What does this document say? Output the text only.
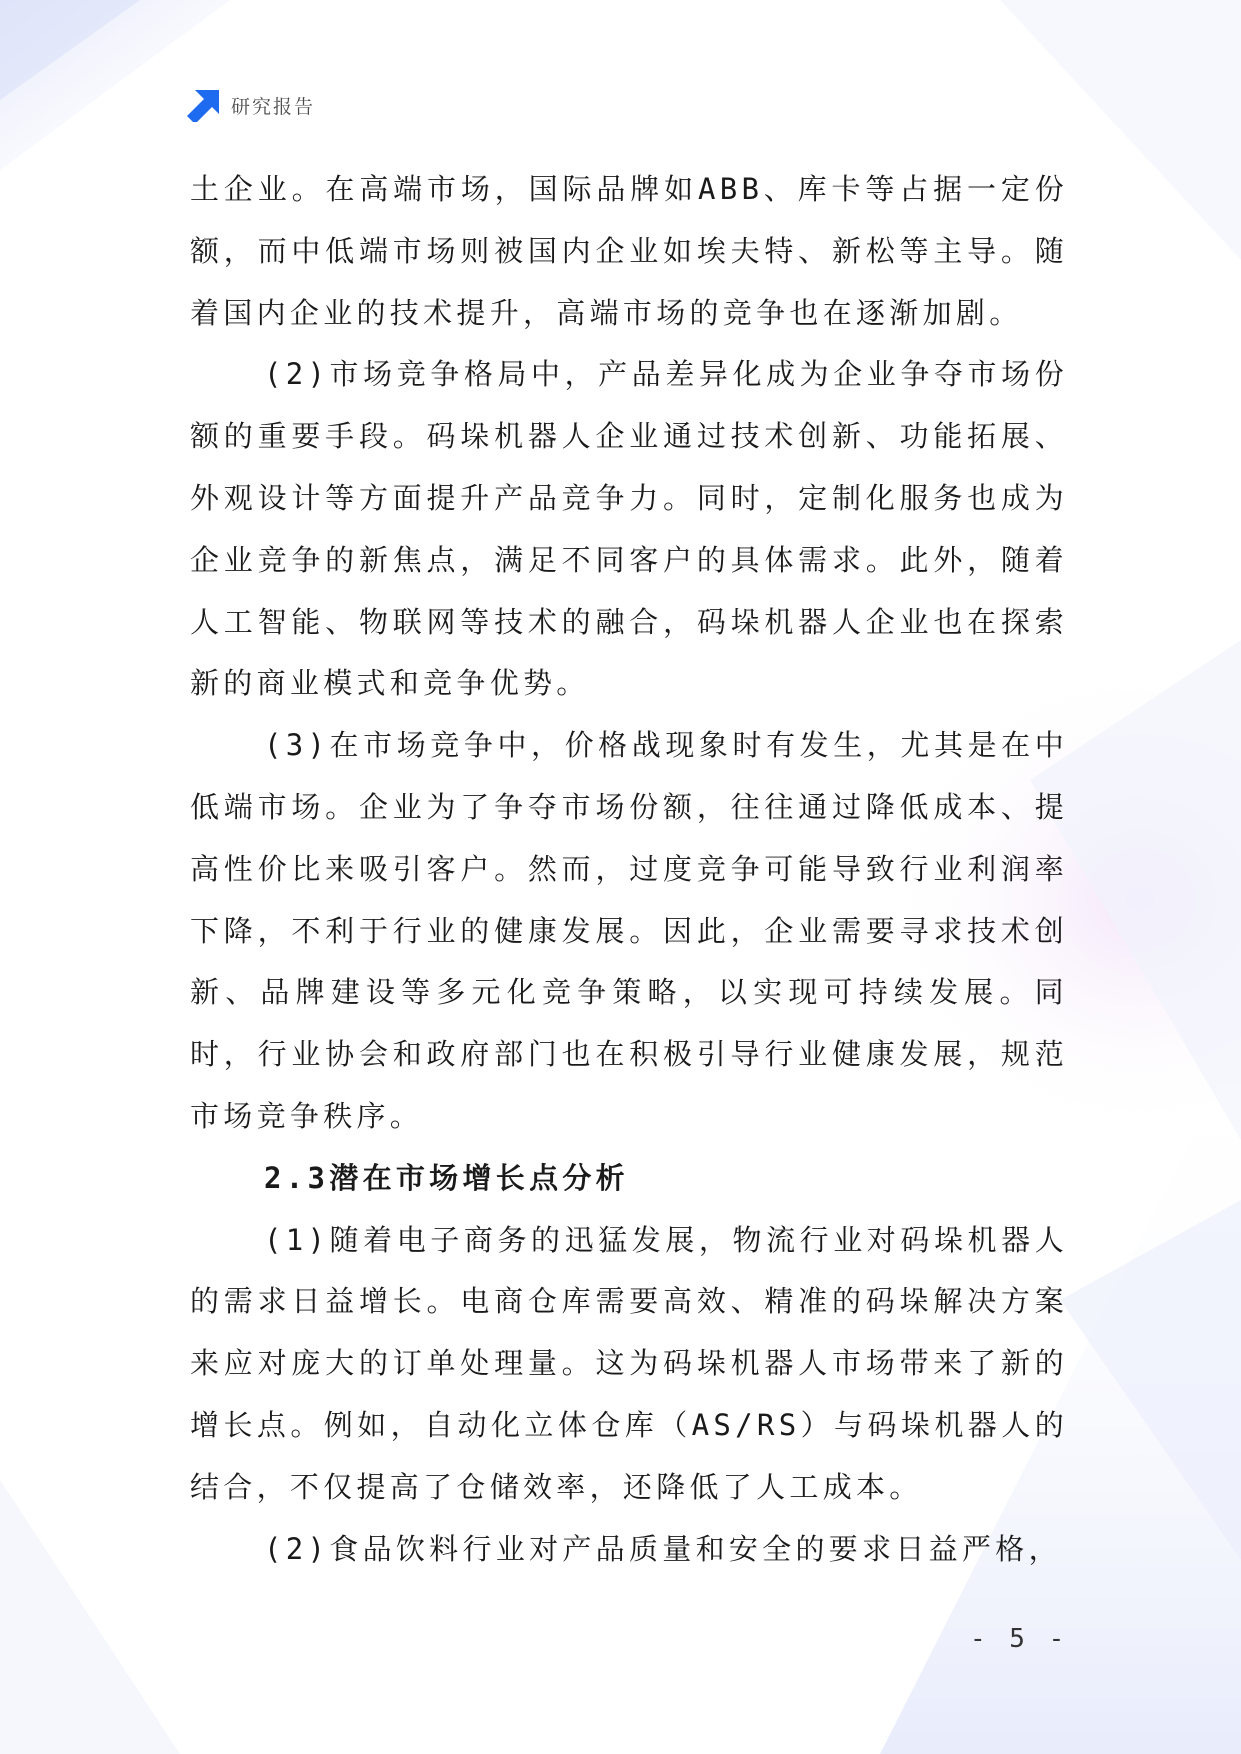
研究报告

土企业。在高端市场，国际品牌如ABB、库卡等占据一定份额，而中低端市场则被国内企业如埃夫特、新松等主导。随着国内企业的技术提升，高端市场的竞争也在逐渐加剧。

(2)市场竞争格局中，产品差异化成为企业争夺市场份额的重要手段。码垛机器人企业通过技术创新、功能拓展、外观设计等方面提升产品竞争力。同时，定制化服务也成为企业竞争的新焦点，满足不同客户的具体需求。此外，随着人工智能、物联网等技术的融合，码垛机器人企业也在探索新的商业模式和竞争优势。

(3)在市场竞争中，价格战现象时有发生，尤其是在中低端市场。企业为了争夺市场份额，往往通过降低成本、提高性价比来吸引客户。然而，过度竞争可能导致行业利润率下降，不利于行业的健康发展。因此，企业需要寻求技术创新、品牌建设等多元化竞争策略，以实现可持续发展。同时，行业协会和政府部门也在积极引导行业健康发展，规范市场竞争秩序。

2.3潜在市场增长点分析

(1)随着电子商务的迅猛发展，物流行业对码垛机器人的需求日益增长。电商仓库需要高效、精准的码垛解决方案来应对庞大的订单处理量。这为码垛机器人市场带来了新的增长点。例如，自动化立体仓库（AS/RS）与码垛机器人的结合，不仅提高了仓储效率，还降低了人工成本。

(2)食品饮料行业对产品质量和安全的要求日益严格，

- 5 -
